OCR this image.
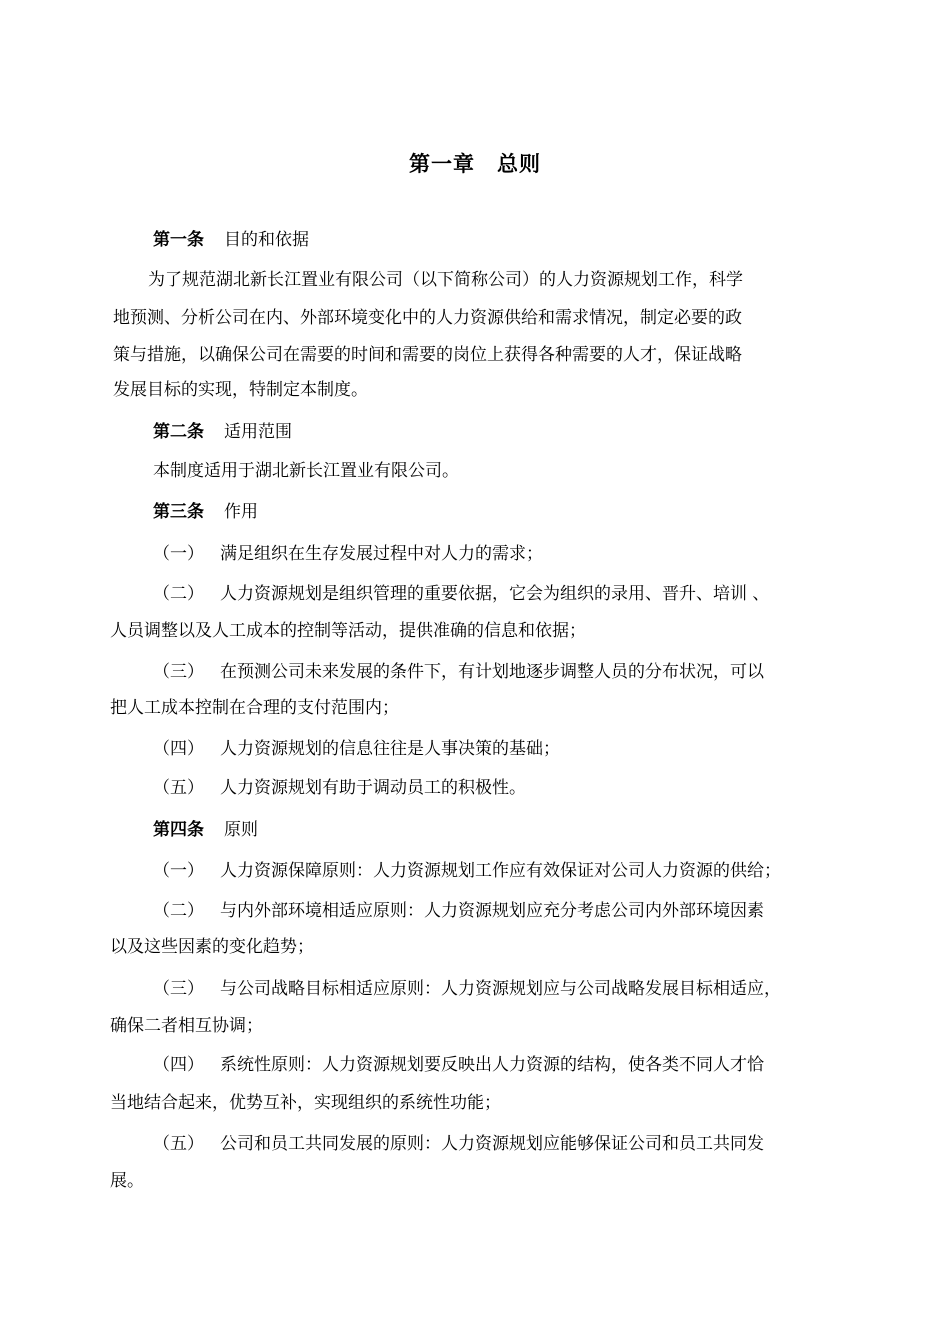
第一章 总则
第一条 目的和依据
为了规范湖北新长江置业有限公司（以下简称公司）的人力资源规划工作，科学
地预测、分析公司在内、外部环境变化中的人力资源供给和需求情况，制定必要的政
策与措施，以确保公司在需要的时间和需要的岗位上获得各种需要的人才，保证战略
发展目标的实现，特制定本制度。
第二条 适用范围
本制度适用于湖北新长江置业有限公司。
第三条 作用
（一） 满足组织在生存发展过程中对人力的需求；
（二） 人力资源规划是组织管理的重要依据，它会为组织的录用、晋升、培训 、
人员调整以及人工成本的控制等活动，提供准确的信息和依据；
（三） 在预测公司未来发展的条件下，有计划地逐步调整人员的分布状况，可以
把人工成本控制在合理的支付范围内；
（四） 人力资源规划的信息往往是人事决策的基础；
（五） 人力资源规划有助于调动员工的积极性。
第四条 原则
（一） 人力资源保障原则：人力资源规划工作应有效保证对公司人力资源的供给；
（二） 与内外部环境相适应原则：人力资源规划应充分考虑公司内外部环境因素
以及这些因素的变化趋势；
（三） 与公司战略目标相适应原则：人力资源规划应与公司战略发展目标相适应，
确保二者相互协调；
（四） 系统性原则：人力资源规划要反映出人力资源的结构，使各类不同人才恰
当地结合起来，优势互补，实现组织的系统性功能；
（五） 公司和员工共同发展的原则：人力资源规划应能够保证公司和员工共同发
展。
